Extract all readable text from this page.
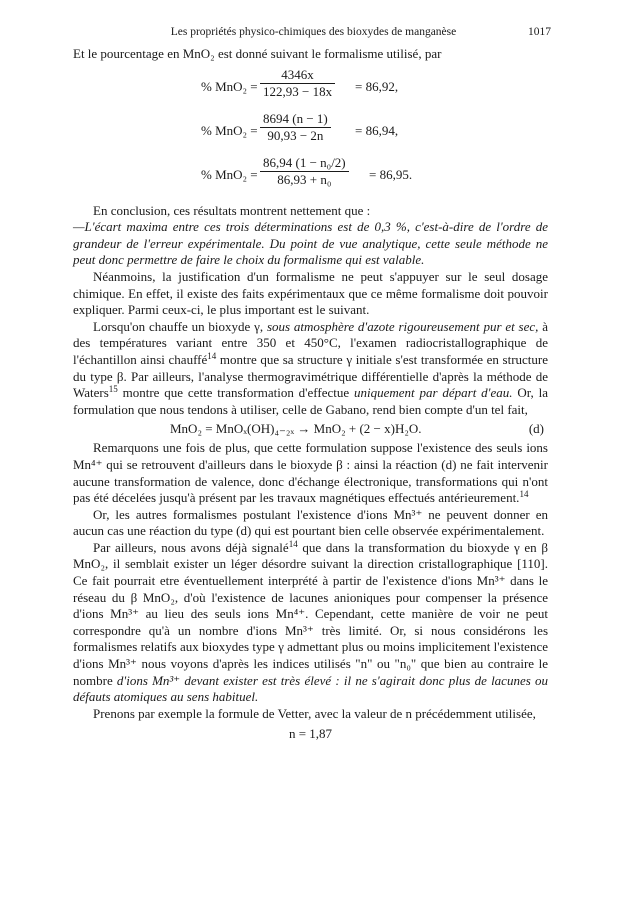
Les propriétés physico-chimiques des bioxydes de manganèse	1017

Et le pourcentage en MnO₂ est donné suivant le formalisme utilisé, par

% $MnO_2 = \frac{4346x}{122,93 - 18x} = 86,92$,
% $MnO_2 = \frac{8694 (n - 1)}{90,93 - 2n} = 86,94$,
% $MnO_2 = \frac{\text{86,94 (1 − n₀/2)}}{\text{86,93 + n₀}} = 86,95$.

En conclusion, ces résultats montrent nettement que :

—L'écart maxima entre ces trois déterminations est de 0,3 %, c'est-à-dire de l'ordre de grandeur de l'erreur expérimentale. Du point de vue analytique, cette seule méthode ne peut donc permettre de faire le choix du formalisme qui est valable.

Néanmoins, la justification d'un formalisme ne peut s'appuyer sur le seul dosage chimique. En effet, il existe des faits expérimentaux que ce même formalisme doit pouvoir expliquer. Parmi ceux-ci, le plus important est le suivant.

Lorsqu'on chauffe un bioxyde γ, sous atmosphère d'azote rigoureusement pur et sec, à des températures variant entre 350 et 450°C, l'examen radiocristallographique de l'échantillon ainsi chauffé$^{14}$ montre que sa structure γ initiale s'est transformée en structure du type β. Par ailleurs, l'analyse thermogravimétrique différentielle d'après la méthode de Waters$^{15}$ montre que cette transformation d'effectue uniquement par départ d'eau. Or, la formulation que nous tendons à utiliser, celle de Gabano, rend bien compte d'un tel fait,

MnO₂ = MnOₓ(OH)₄₋₂ₓ → MnO₂ + (2 − x)H₂O.	(d)

Remarquons une fois de plus, que cette formulation suppose l'existence des seuls ions Mn⁴⁺ qui se retrouvent d'ailleurs dans le bioxyde β : ainsi la réaction (d) ne fait intervenir aucune transformation de valence, donc d'échange électronique, transformations qui n'ont pas été décelées jusqu'à présent par les travaux magnétiques effectués antérieurement.$^{14}$

Or, les autres formalismes postulant l'existence d'ions Mn³⁺ ne peuvent donner en aucun cas une réaction du type (d) qui est pourtant bien celle observée expérimentalement.

Par ailleurs, nous avons déjà signalé$^{14}$ que dans la transformation du bioxyde γ en β MnO₂, il semblait exister un léger désordre suivant la direction cristallographique [110]. Ce fait pourrait etre éventuellement interprété à partir de l'existence d'ions Mn³⁺ dans le réseau du β MnO₂, d'où l'existence de lacunes anioniques pour compenser la présence d'ions Mn³⁺ au lieu des seuls ions Mn⁴⁺. Cependant, cette manière de voir ne peut correspondre qu'à un nombre d'ions Mn³⁺ très limité. Or, si nous considérons les formalismes relatifs aux bioxydes type γ admettant plus ou moins implicitement l'existence d'ions Mn³⁺ nous voyons d'après les indices utilisés "n" ou "n₀" que bien au contraire le nombre d'ions Mn³⁺ devant exister est très élevé : il ne s'agirait donc plus de lacunes ou défauts atomiques au sens habituel.

Prenons par exemple la formule de Vetter, avec la valeur de n précédemment utilisée,

n = 1,87
